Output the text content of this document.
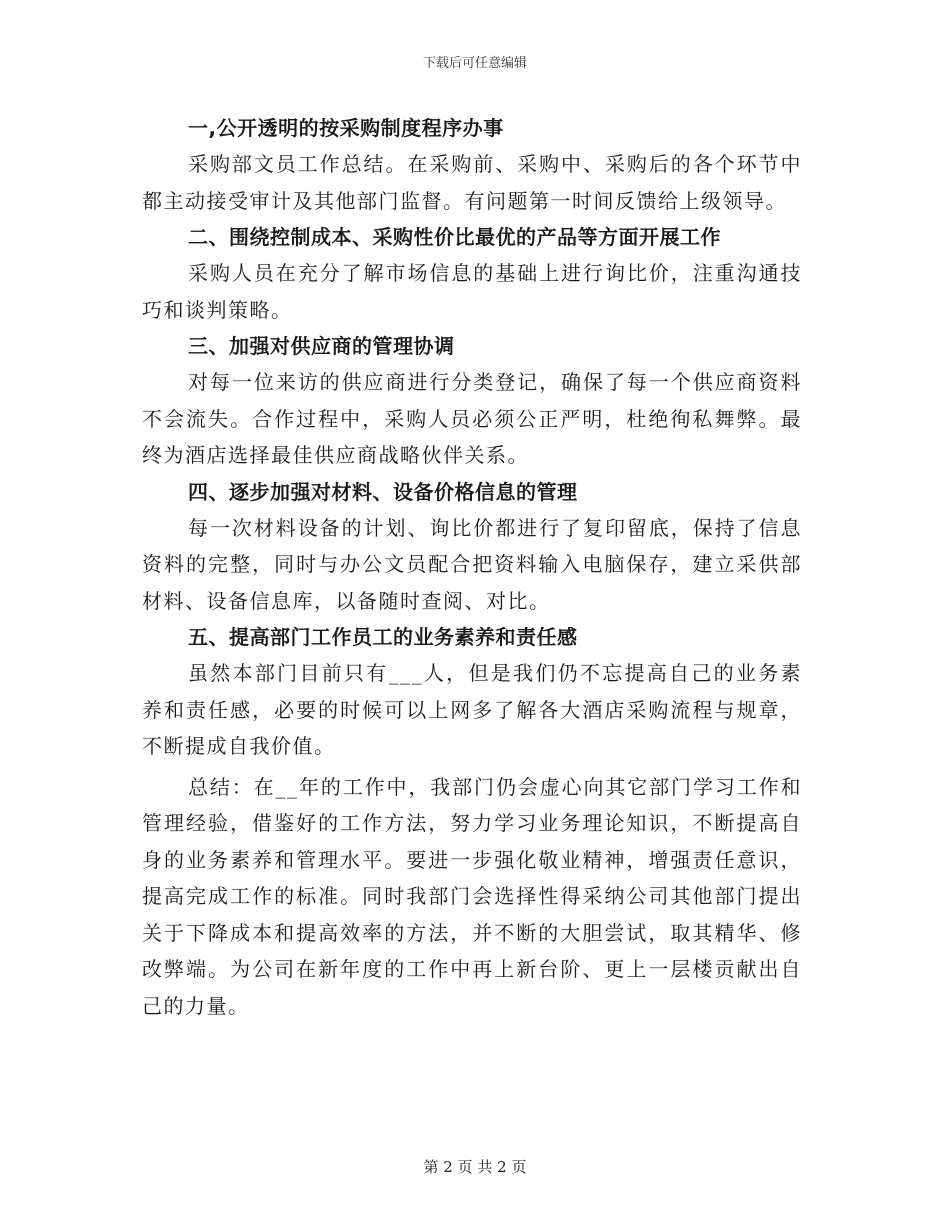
下载后可任意编辑

一,公开透明的按采购制度程序办事

采购部文员工作总结。在采购前、采购中、采购后的各个环节中都主动接受审计及其他部门监督。有问题第一时间反馈给上级领导。

二、围绕控制成本、采购性价比最优的产品等方面开展工作

采购人员在充分了解市场信息的基础上进行询比价，注重沟通技巧和谈判策略。

三、加强对供应商的管理协调

对每一位来访的供应商进行分类登记，确保了每一个供应商资料不会流失。合作过程中，采购人员必须公正严明，杜绝徇私舞弊。最终为酒店选择最佳供应商战略伙伴关系。

四、逐步加强对材料、设备价格信息的管理

每一次材料设备的计划、询比价都进行了复印留底，保持了信息资料的完整，同时与办公文员配合把资料输入电脑保存，建立采供部材料、设备信息库，以备随时查阅、对比。

五、提高部门工作员工的业务素养和责任感

虽然本部门目前只有___人，但是我们仍不忘提高自己的业务素养和责任感，必要的时候可以上网多了解各大酒店采购流程与规章，不断提成自我价值。

总结：在__年的工作中，我部门仍会虚心向其它部门学习工作和管理经验，借鉴好的工作方法，努力学习业务理论知识，不断提高自身的业务素养和管理水平。要进一步强化敬业精神，增强责任意识，提高完成工作的标准。同时我部门会选择性得采纳公司其他部门提出关于下降成本和提高效率的方法，并不断的大胆尝试，取其精华、修改弊端。为公司在新年度的工作中再上新台阶、更上一层楼贡献出自己的力量。

第 2 页 共 2 页
